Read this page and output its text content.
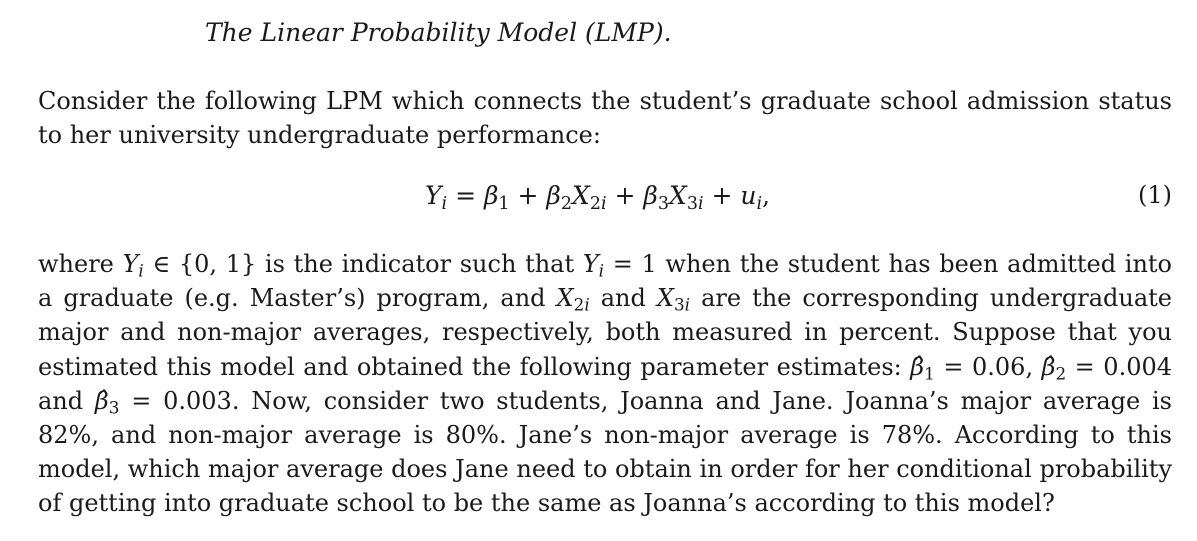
The Linear Probability Model (LMP).
Consider the following LPM which connects the student’s graduate school admission status to her university undergraduate performance:
$Y_i = \beta_1 + \beta_2X_{2i} + \beta_3X_{3i} + u_i$,	(1)
where $Y_i$ ∈ {0, 1} is the indicator such that $Y_i = 1$ when the student has been admitted into a graduate (e.g. Master’s) program, and $X_{2i}$ and $X_{3i}$ are the corresponding undergraduate major and non-major averages, respectively, both measured in percent. Suppose that you estimated this model and obtained the following parameter estimates: $\betâ_1 = 0.06$, $\betâ_2 = 0.004$ and $\betâ_3 = 0.003$. Now, consider two students, Joanna and Jane. Joanna’s major average is 82%, and non-major average is 80%. Jane’s non-major average is 78%. According to this model, which major average does Jane need to obtain in order for her conditional probability of getting into graduate school to be the same as Joanna’s according to this model?
